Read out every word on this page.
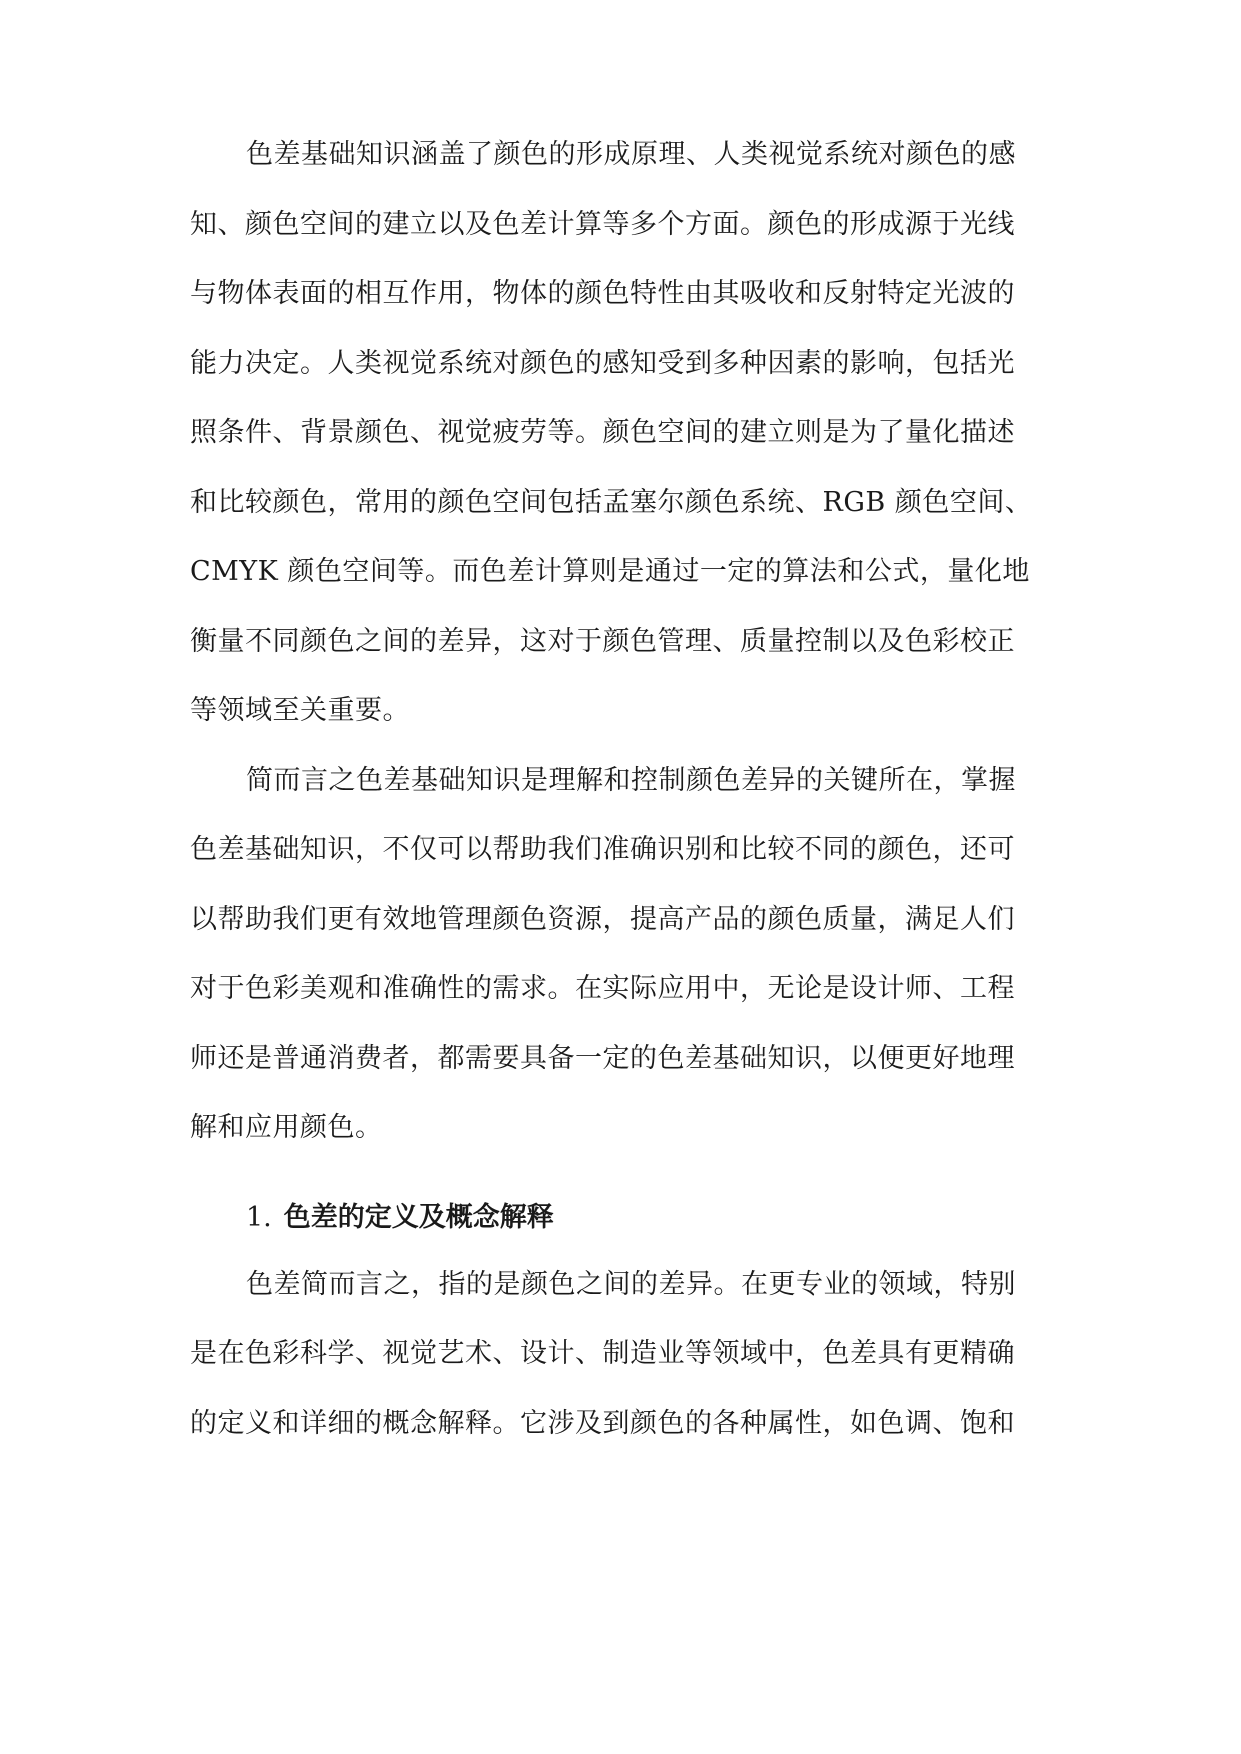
色差基础知识涵盖了颜色的形成原理、人类视觉系统对颜色的感
知、颜色空间的建立以及色差计算等多个方面。颜色的形成源于光线
与物体表面的相互作用，物体的颜色特性由其吸收和反射特定光波的
能力决定。人类视觉系统对颜色的感知受到多种因素的影响，包括光
照条件、背景颜色、视觉疲劳等。颜色空间的建立则是为了量化描述
和比较颜色，常用的颜色空间包括孟塞尔颜色系统、RGB 颜色空间、
CMYK 颜色空间等。而色差计算则是通过一定的算法和公式，量化地
衡量不同颜色之间的差异，这对于颜色管理、质量控制以及色彩校正
等领域至关重要。
简而言之色差基础知识是理解和控制颜色差异的关键所在，掌握
色差基础知识，不仅可以帮助我们准确识别和比较不同的颜色，还可
以帮助我们更有效地管理颜色资源，提高产品的颜色质量，满足人们
对于色彩美观和准确性的需求。在实际应用中，无论是设计师、工程
师还是普通消费者，都需要具备一定的色差基础知识，以便更好地理
解和应用颜色。
1. 色差的定义及概念解释
色差简而言之，指的是颜色之间的差异。在更专业的领域，特别
是在色彩科学、视觉艺术、设计、制造业等领域中，色差具有更精确
的定义和详细的概念解释。它涉及到颜色的各种属性，如色调、饱和
